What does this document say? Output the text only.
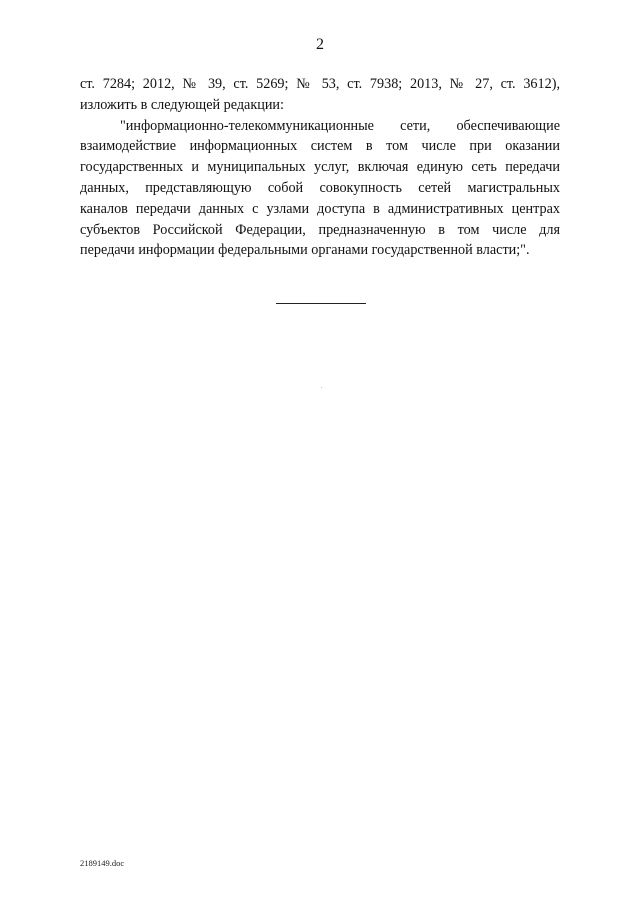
2
ст. 7284; 2012, № 39, ст. 5269; № 53, ст. 7938; 2013, № 27, ст. 3612),
изложить в следующей редакции:
"информационно-телекоммуникационные сети, обеспечивающие
взаимодействие информационных систем в том числе при оказании
государственных и муниципальных услуг, включая единую сеть передачи
данных, представляющую собой совокупность сетей магистральных
каналов передачи данных с узлами доступа в административных центрах
субъектов Российской Федерации, предназначенную в том числе для
передачи информации федеральными органами государственной власти;".
2189149.doc
